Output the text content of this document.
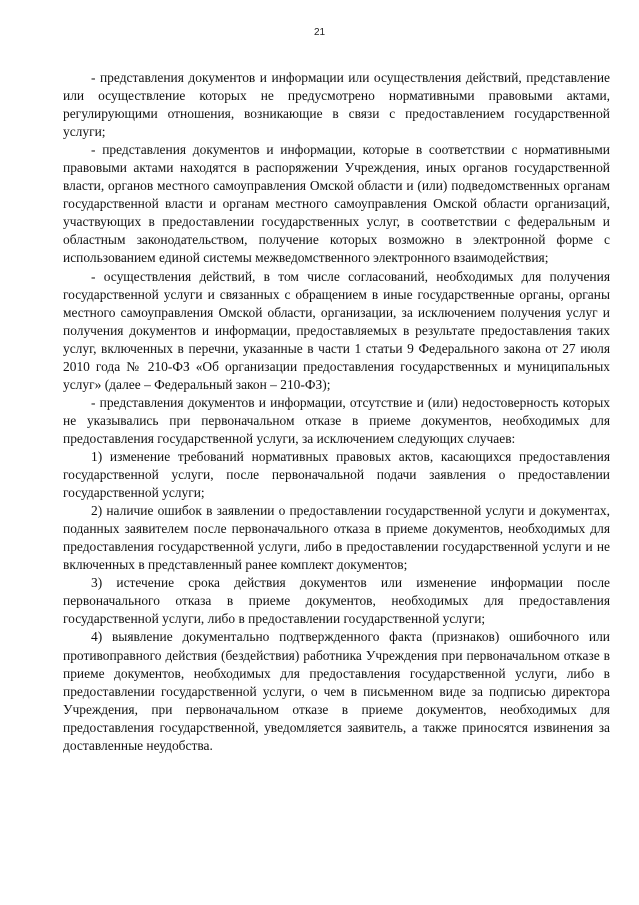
21

- представления документов и информации или осуществления действий, представление или осуществление которых не предусмотрено нормативными правовыми актами, регулирующими отношения, возникающие в связи с предоставлением государственной услуги;

- представления документов и информации, которые в соответствии с нормативными правовыми актами находятся в распоряжении Учреждения, иных органов государственной власти, органов местного самоуправления Омской области и (или) подведомственных органам государственной власти и органам местного самоуправления Омской области организаций, участвующих в предоставлении государственных услуг, в соответствии с федеральным и областным законодательством, получение которых возможно в электронной форме с использованием единой системы межведомственного электронного взаимодействия;

- осуществления действий, в том числе согласований, необходимых для получения государственной услуги и связанных с обращением в иные государственные органы, органы местного самоуправления Омской области, организации, за исключением получения услуг и получения документов и информации, предоставляемых в результате предоставления таких услуг, включенных в перечни, указанные в части 1 статьи 9 Федерального закона от 27 июля 2010 года № 210-ФЗ «Об организации предоставления государственных и муниципальных услуг» (далее – Федеральный закон – 210-ФЗ);

- представления документов и информации, отсутствие и (или) недостоверность которых не указывались при первоначальном отказе в приеме документов, необходимых для предоставления государственной услуги, за исключением следующих случаев:

1) изменение требований нормативных правовых актов, касающихся предоставления государственной услуги, после первоначальной подачи заявления о предоставлении государственной услуги;

2) наличие ошибок в заявлении о предоставлении государственной услуги и документах, поданных заявителем после первоначального отказа в приеме документов, необходимых для предоставления государственной услуги, либо в предоставлении государственной услуги и не включенных в представленный ранее комплект документов;

3) истечение срока действия документов или изменение информации после первоначального отказа в приеме документов, необходимых для предоставления государственной услуги, либо в предоставлении государственной услуги;

4) выявление документально подтвержденного факта (признаков) ошибочного или противоправного действия (бездействия) работника Учреждения при первоначальном отказе в приеме документов, необходимых для предоставления государственной услуги, либо в предоставлении государственной услуги, о чем в письменном виде за подписью директора Учреждения, при первоначальном отказе в приеме документов, необходимых для предоставления государственной, уведомляется заявитель, а также приносятся извинения за доставленные неудобства.
